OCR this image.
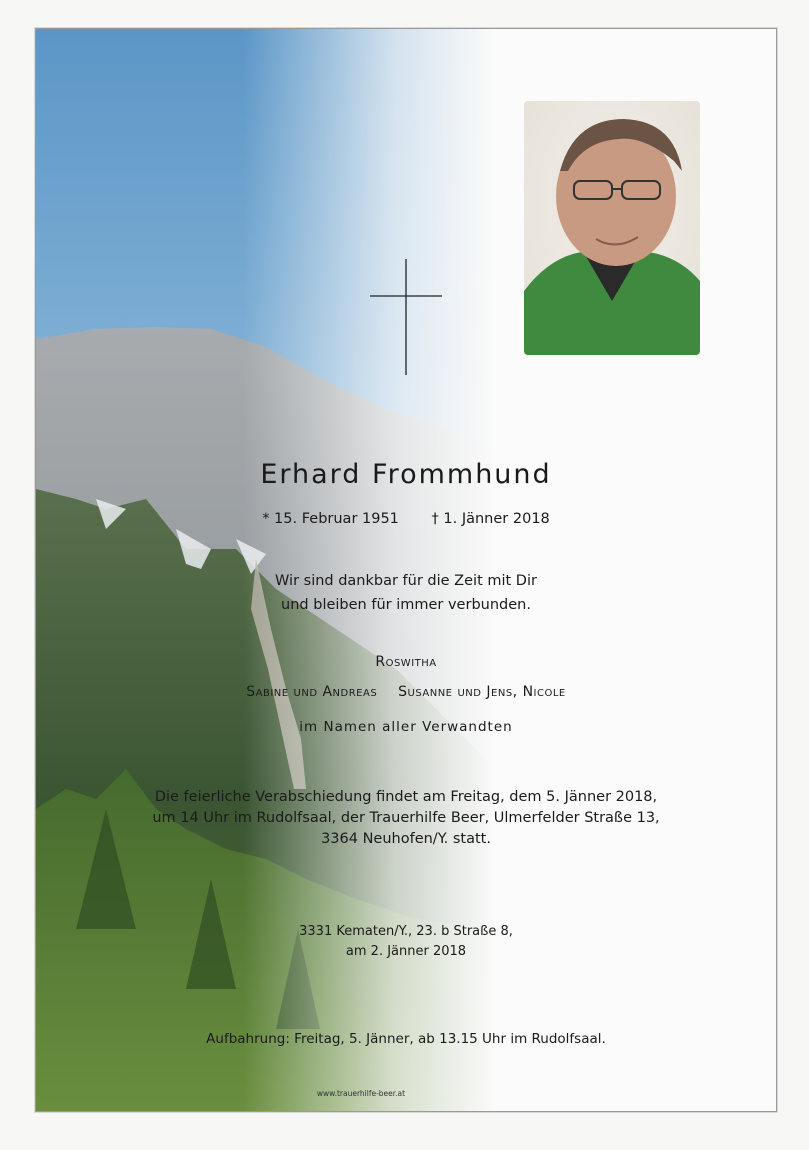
Erhard Frommhund
* 15. Februar 1951 † 1. Jänner 2018
Wir sind dankbar für die Zeit mit Dir
und bleiben für immer verbunden.
Roswitha
Sabine und Andreas Susanne und Jens, Nicole
im Namen aller Verwandten
Die feierliche Verabschiedung findet am Freitag, dem 5. Jänner 2018,
um 14 Uhr im Rudolfsaal, der Trauerhilfe Beer, Ulmerfelder Straße 13,
3364 Neuhofen/Y. statt.
3331 Kematen/Y., 23. b Straße 8,
am 2. Jänner 2018
Aufbahrung: Freitag, 5. Jänner, ab 13.15 Uhr im Rudolfsaal.
www.trauerhilfe-beer.at
